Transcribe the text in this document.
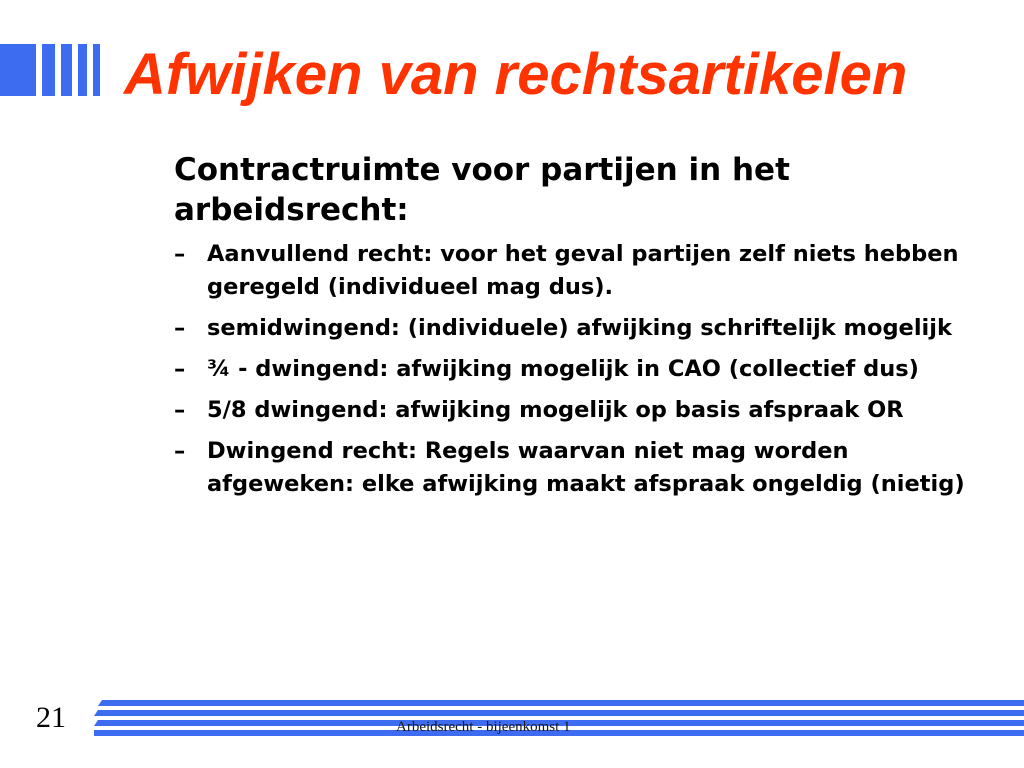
Afwijken van rechtsartikelen

Contractruimte voor partijen in het arbeidsrecht:

– Aanvullend recht: voor het geval partijen zelf niets hebben geregeld (individueel mag dus).
– semidwingend: (individuele) afwijking schriftelijk mogelijk
– ¾ - dwingend: afwijking mogelijk in CAO (collectief dus)
– 5/8 dwingend: afwijking mogelijk op basis afspraak OR
– Dwingend recht: Regels waarvan niet mag worden afgeweken: elke afwijking maakt afspraak ongeldig (nietig)
21	Arbeidsrecht - bijeenkomst 1
